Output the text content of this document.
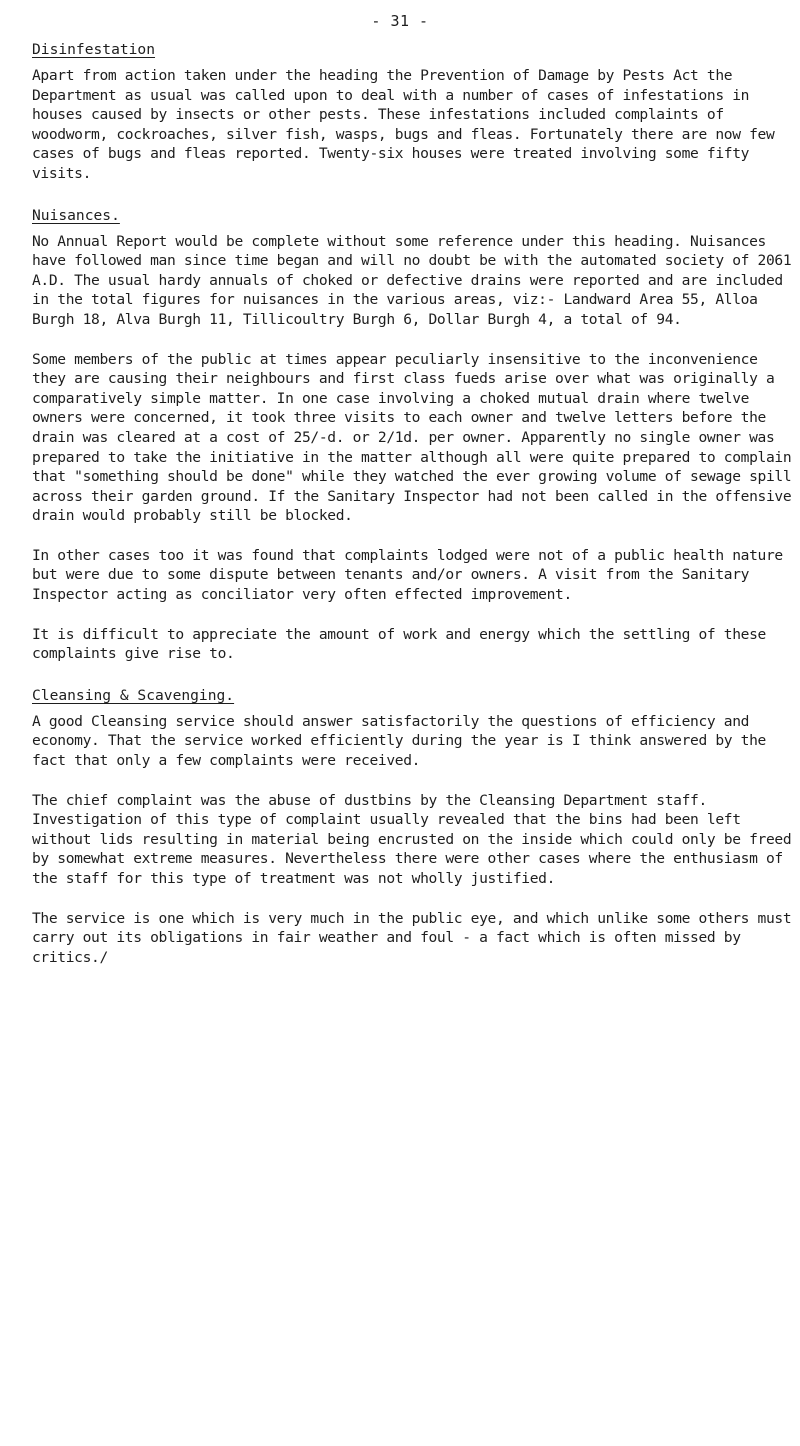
- 31 -
Disinfestation

Apart from action taken under the heading the Prevention of Damage by Pests Act the Department as usual was called upon to deal with a number of cases of infestations in houses caused by insects or other pests. These infestations included complaints of woodworm, cockroaches, silver fish, wasps, bugs and fleas. Fortunately there are now few cases of bugs and fleas reported. Twenty-six houses were treated involving some fifty visits.

Nuisances.

No Annual Report would be complete without some reference under this heading. Nuisances have followed man since time began and will no doubt be with the automated society of 2061 A.D. The usual hardy annuals of choked or defective drains were reported and are included in the total figures for nuisances in the various areas, viz:- Landward Area 55, Alloa Burgh 18, Alva Burgh 11, Tillicoultry Burgh 6, Dollar Burgh 4, a total of 94.

Some members of the public at times appear peculiarly insensitive to the inconvenience they are causing their neighbours and first class fueds arise over what was originally a comparatively simple matter. In one case involving a choked mutual drain where twelve owners were concerned, it took three visits to each owner and twelve letters before the drain was cleared at a cost of 25/-d. or 2/1d. per owner. Apparently no single owner was prepared to take the initiative in the matter although all were quite prepared to complain that "something should be done" while they watched the ever growing volume of sewage spill across their garden ground. If the Sanitary Inspector had not been called in the offensive drain would probably still be blocked.

In other cases too it was found that complaints lodged were not of a public health nature but were due to some dispute between tenants and/or owners. A visit from the Sanitary Inspector acting as conciliator very often effected improvement.

It is difficult to appreciate the amount of work and energy which the settling of these complaints give rise to.

Cleansing & Scavenging.

A good Cleansing service should answer satisfactorily the questions of efficiency and economy. That the service worked efficiently during the year is I think answered by the fact that only a few complaints were received.

The chief complaint was the abuse of dustbins by the Cleansing Department staff. Investigation of this type of complaint usually revealed that the bins had been left without lids resulting in material being encrusted on the inside which could only be freed by somewhat extreme measures. Nevertheless there were other cases where the enthusiasm of the staff for this type of treatment was not wholly justified.

The service is one which is very much in the public eye, and which unlike some others must carry out its obligations in fair weather and foul - a fact which is often missed by critics./
